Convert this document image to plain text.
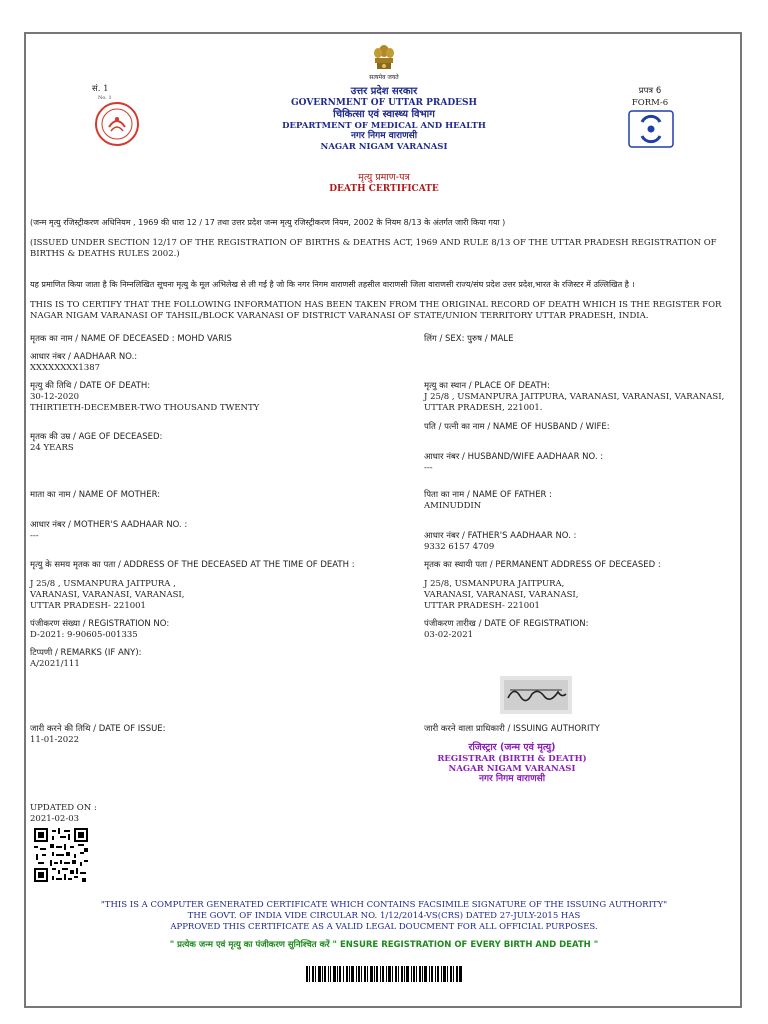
सत्यमेव जयते
सं. 1
No. 1
उत्तर प्रदेश सरकार
GOVERNMENT OF UTTAR PRADESH
चिकित्सा एवं स्वास्थ्य विभाग
DEPARTMENT OF MEDICAL AND HEALTH
नगर निगम वाराणसी
NAGAR NIGAM VARANASI
प्रपत्र 6
FORM-6
मृत्यु प्रमाण-पत्र
DEATH CERTIFICATE
(जन्म मृत्यु रजिस्ट्रीकरण अधिनियम , 1969 की धारा 12 / 17 तथा उत्तर प्रदेश जन्म मृत्यु रजिस्ट्रीकरण नियम, 2002 के नियम 8/13 के अंतर्गत जारी किया गया )
(ISSUED UNDER SECTION 12/17 OF THE REGISTRATION OF BIRTHS & DEATHS ACT, 1969 AND RULE 8/13 OF THE UTTAR PRADESH REGISTRATION OF BIRTHS & DEATHS RULES 2002.)
यह प्रमाणित किया जाता है कि निम्नलिखित सूचना मृत्यु के मूल अभिलेख से ली गई है जो कि नगर निगम वाराणसी तहसील वाराणसी जिला वाराणसी राज्य/संघ प्रदेश उत्तर प्रदेश,भारत के रजिस्टर में उल्लिखित है ।
THIS IS TO CERTIFY THAT THE FOLLOWING INFORMATION HAS BEEN TAKEN FROM THE ORIGINAL RECORD OF DEATH WHICH IS THE REGISTER FOR NAGAR NIGAM VARANASI OF TAHSIL/BLOCK VARANASI OF DISTRICT VARANASI OF STATE/UNION TERRITORY UTTAR PRADESH, INDIA.
मृतक का नाम / NAME OF DECEASED : MOHD VARIS	लिंग / SEX: पुरुष / MALE
आधार नंबर / AADHAAR NO.:
XXXXXXXX1387
मृत्यु की तिथि / DATE OF DEATH:
30-12-2020
THIRTIETH-DECEMBER-TWO THOUSAND TWENTY
मृत्यु का स्थान / PLACE OF DEATH:
J 25/8 , USMANPURA JAITPURA, VARANASI, VARANASI, VARANASI,
UTTAR PRADESH, 221001.
पति / पत्नी का नाम / NAME OF HUSBAND / WIFE:
मृतक की उम्र / AGE OF DECEASED:
24 YEARS
आधार नंबर / HUSBAND/WIFE AADHAAR NO. :
---
माता का नाम / NAME OF MOTHER:	पिता का नाम / NAME OF FATHER :
AMINUDDIN
आधार नंबर / MOTHER'S AADHAAR NO. :
---	आधार नंबर / FATHER'S AADHAAR NO. :
9332 6157 4709
मृत्यु के समय मृतक का पता / ADDRESS OF THE DECEASED AT THE TIME OF DEATH :
J 25/8 , USMANPURA JAITPURA ,
VARANASI, VARANASI, VARANASI,
UTTAR PRADESH- 221001
मृतक का स्थायी पता / PERMANENT ADDRESS OF DECEASED :
J 25/8, USMANPURA JAITPURA,
VARANASI, VARANASI, VARANASI,
UTTAR PRADESH- 221001
पंजीकरण संख्या / REGISTRATION NO:
D-2021: 9-90605-001335
पंजीकरण तारीख / DATE OF REGISTRATION:
03-02-2021
टिप्पणी / REMARKS (IF ANY):
A/2021/111
जारी करने की तिथि / DATE OF ISSUE:
11-01-2022
जारी करने वाला प्राधिकारी / ISSUING AUTHORITY
रजिस्ट्रार (जन्म एवं मृत्यु)
REGISTRAR (BIRTH & DEATH)
NAGAR NIGAM VARANASI
नगर निगम वाराणसी
UPDATED ON :
2021-02-03
"THIS IS A COMPUTER GENERATED CERTIFICATE WHICH CONTAINS FACSIMILE SIGNATURE OF THE ISSUING AUTHORITY"
THE GOVT. OF INDIA VIDE CIRCULAR NO. 1/12/2014-VS(CRS) DATED 27-JULY-2015 HAS
APPROVED THIS CERTIFICATE AS A VALID LEGAL DOUCMENT FOR ALL OFFICIAL PURPOSES.
" प्रत्येक जन्म एवं मृत्यु का पंजीकरण सुनिश्चित करें " ENSURE REGISTRATION OF EVERY BIRTH AND DEATH "
